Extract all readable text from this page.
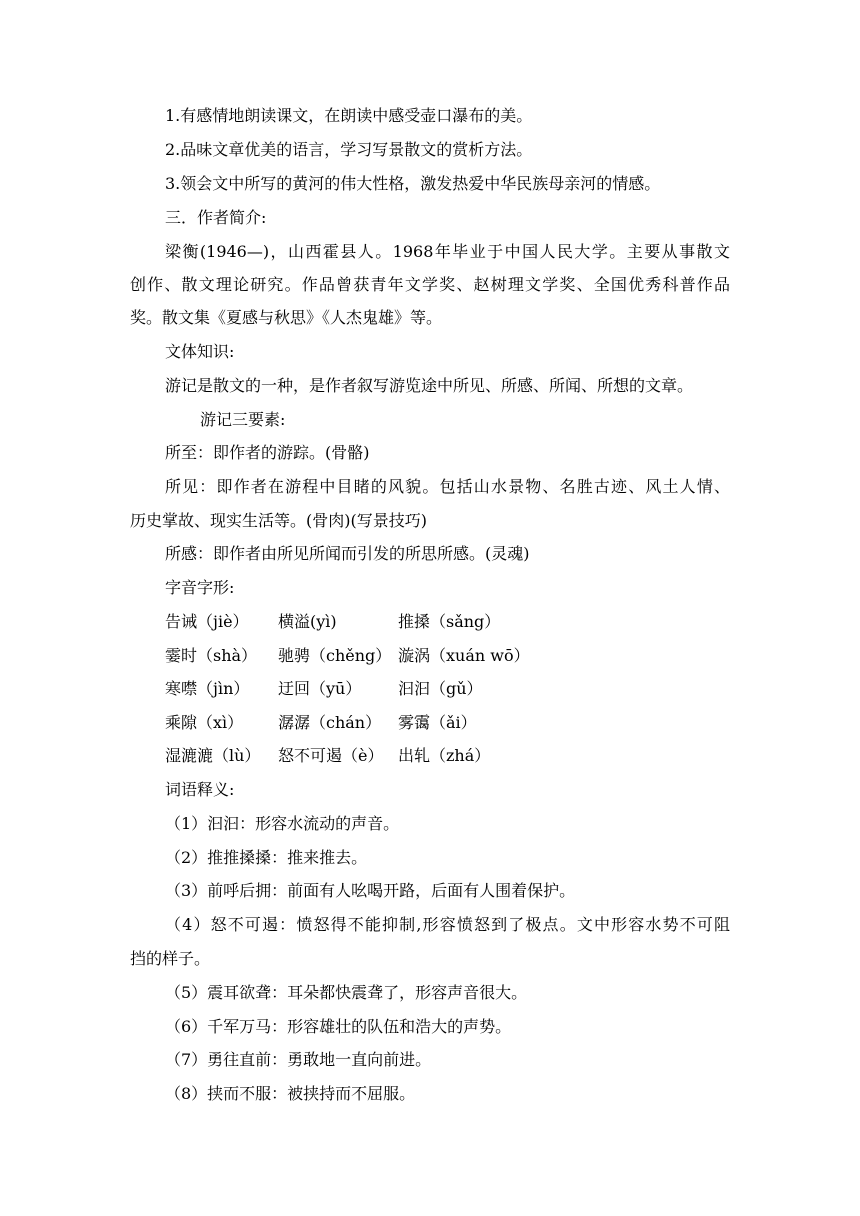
1.有感情地朗读课文，在朗读中感受壶口瀑布的美。
2.品味文章优美的语言，学习写景散文的赏析方法。
3.领会文中所写的黄河的伟大性格，激发热爱中华民族母亲河的情感。
三．作者简介:
梁衡(1946—)，山西霍县人。1968年毕业于中国人民大学。主要从事散文
创作、散文理论研究。作品曾获青年文学奖、赵树理文学奖、全国优秀科普作品
奖。散文集《夏感与秋思》《人杰鬼雄》等。
文体知识:
游记是散文的一种，是作者叙写游览途中所见、所感、所闻、所想的文章。
游记三要素:
所至：即作者的游踪。(骨骼)
所见：即作者在游程中目睹的风貌。包括山水景物、名胜古迹、风土人情、
历史掌故、现实生活等。(骨肉)(写景技巧)
所感：即作者由所见所闻而引发的所思所感。(灵魂)
字音字形:
告诫（jiè） 横溢(yì)	推搡（sǎng）
霎时（shà） 驰骋（chěng） 漩涡（xuán wō）
寒噤（jìn） 迂回（yū） 汩汩（gǔ）
乘隙（xì） 潺潺（chán） 雾霭（ǎi）
湿漉漉（lù） 怒不可遏（è） 出轧（zhá）
词语释义:
（1）汩汩：形容水流动的声音。
（2）推推搡搡：推来推去。
（3）前呼后拥：前面有人吆喝开路，后面有人围着保护。
（4）怒不可遏：愤怒得不能抑制,形容愤怒到了极点。文中形容水势不可阻
挡的样子。
（5）震耳欲聋：耳朵都快震聋了，形容声音很大。
（6）千军万马：形容雄壮的队伍和浩大的声势。
（7）勇往直前：勇敢地一直向前进。
（8）挟而不服：被挟持而不屈服。
